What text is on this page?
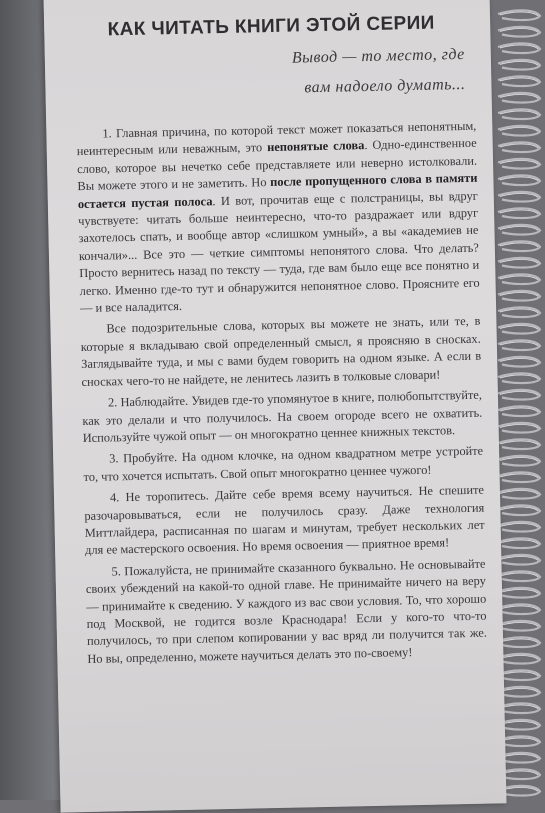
КАК ЧИТАТЬ КНИГИ ЭТОЙ СЕРИИ
Вывод — то место, где
вам надоело думать...

1. Главная причина, по которой текст может показаться непонятным, неинтересным или неважным, это непонятые слова. Одно-единственное слово, которое вы нечетко себе представляете или неверно истолковали. Вы можете этого и не заметить. Но после пропущенного слова в памяти остается пустая полоса. И вот, прочитав еще с полстраницы, вы вдруг чувствуете: читать больше неинтересно, что-то раздражает или вдруг захотелось спать, и вообще автор «слишком умный», а вы «академиев не кончали»... Все это — четкие симптомы непонятого слова. Что делать? Просто вернитесь назад по тексту — туда, где вам было еще все понятно и легко. Именно где-то тут и обнаружится непонятное слово. Проясните его — и все наладится.

Все подозрительные слова, которых вы можете не знать, или те, в которые я вкладываю свой определенный смысл, я проясняю в сносках. Заглядывайте туда, и мы с вами будем говорить на одном языке. А если в сносках чего-то не найдете, не ленитесь лазить в толковые словари!

2. Наблюдайте. Увидев где-то упомянутое в книге, полюбопытствуйте, как это делали и что получилось. На своем огороде всего не охватить. Используйте чужой опыт — он многократно ценнее книжных текстов.

3. Пробуйте. На одном клочке, на одном квадратном метре устройте то, что хочется испытать. Свой опыт многократно ценнее чужого!

4. Не торопитесь. Дайте себе время всему научиться. Не спешите разочаровываться, если не получилось сразу. Даже технология Миттлайдера, расписанная по шагам и минутам, требует нескольких лет для ее мастерского освоения. Но время освоения — приятное время!

5. Пожалуйста, не принимайте сказанного буквально. Не основывайте своих убеждений на какой-то одной главе. Не принимайте ничего на веру — принимайте к сведению. У каждого из вас свои условия. То, что хорошо под Москвой, не годится возле Краснодара! Если у кого-то что-то получилось, то при слепом копировании у вас вряд ли получится так же. Но вы, определенно, можете научиться делать это по-своему!
